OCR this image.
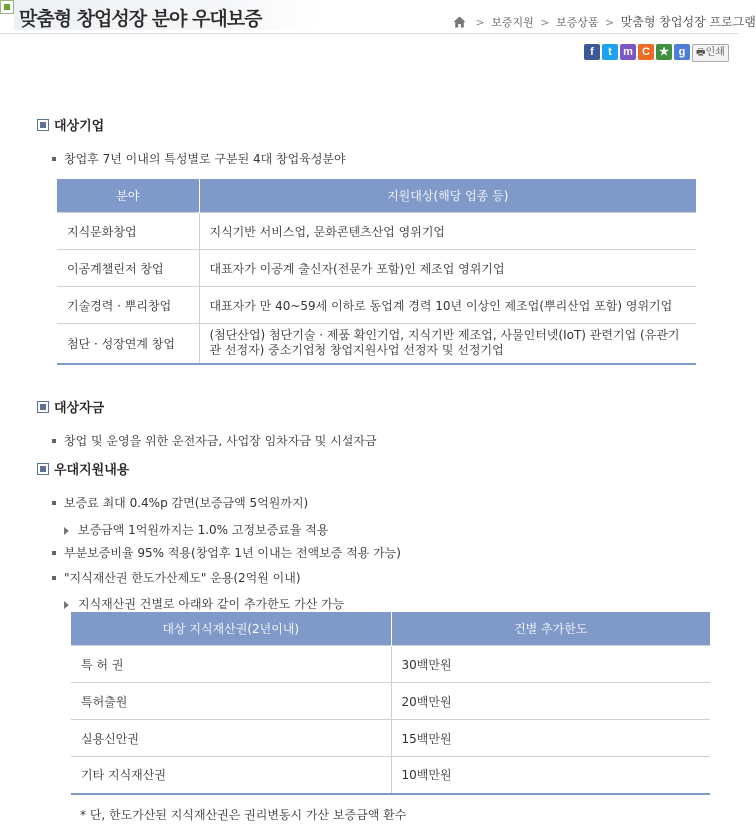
맞춤형 창업성장 분야 우대보증	> 보증지원 > 보증상품 > 맞춤형 창업성장 프로그램
f t m C ★ g 🖶인쇄
대상기업
창업후 7년 이내의 특성별로 구분된 4대 창업육성분야
분야	지원대상(해당 업종 등)
지식문화창업	지식기반 서비스업, 문화콘텐츠산업 영위기업
이공계챌린저 창업	대표자가 이공계 출신자(전문가 포함)인 제조업 영위기업
기술경력 · 뿌리창업	대표자가 만 40~59세 이하로 동업계 경력 10년 이상인 제조업(뿌리산업 포함) 영위기업
첨단 · 성장연계 창업	(첨단산업) 첨단기술 · 제품 확인기업, 지식기반 제조업, 사물인터넷(IoT) 관련기업 (유관기
관 선정자) 중소기업청 창업지원사업 선정자 및 선정기업
대상자금
창업 및 운영을 위한 운전자금, 사업장 임차자금 및 시설자금
우대지원내용
보증료 최대 0.4%p 감면(보증금액 5억원까지)
보증금액 1억원까지는 1.0% 고정보증료율 적용
부분보증비율 95% 적용(창업후 1년 이내는 전액보증 적용 가능)
"지식재산권 한도가산제도" 운용(2억원 이내)
지식재산권 건별로 아래와 같이 추가한도 가산 가능
대상 지식재산권(2년이내)	건별 추가한도
특 허 권	30백만원
특허출원	20백만원
실용신안권	15백만원
기타 지식재산권	10백만원
* 단, 한도가산된 지식재산권은 권리변동시 가산 보증금액 환수
